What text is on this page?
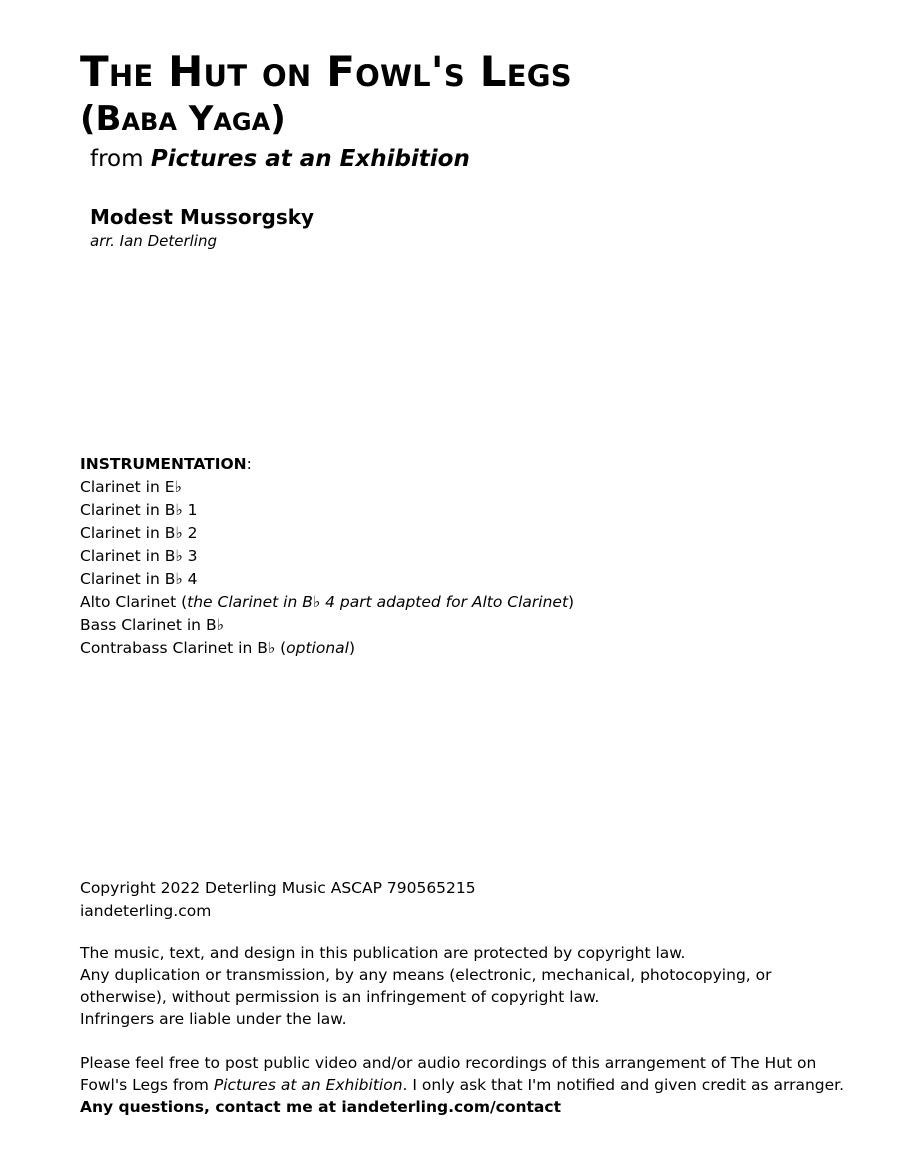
The Hut on Fowl's Legs
(Baba Yaga)
from Pictures at an Exhibition
Modest Mussorgsky
arr. Ian Deterling
INSTRUMENTATION:
Clarinet in E♭
Clarinet in B♭ 1
Clarinet in B♭ 2
Clarinet in B♭ 3
Clarinet in B♭ 4
Alto Clarinet (the Clarinet in B♭ 4 part adapted for Alto Clarinet)
Bass Clarinet in B♭
Contrabass Clarinet in B♭ (optional)
Copyright 2022 Deterling Music ASCAP 790565215
iandeterling.com
The music, text, and design in this publication are protected by copyright law.
Any duplication or transmission, by any means (electronic, mechanical, photocopying, or
otherwise), without permission is an infringement of copyright law.
Infringers are liable under the law.
Please feel free to post public video and/or audio recordings of this arrangement of The Hut on
Fowl's Legs from Pictures at an Exhibition. I only ask that I'm notified and given credit as arranger.
Any questions, contact me at iandeterling.com/contact
